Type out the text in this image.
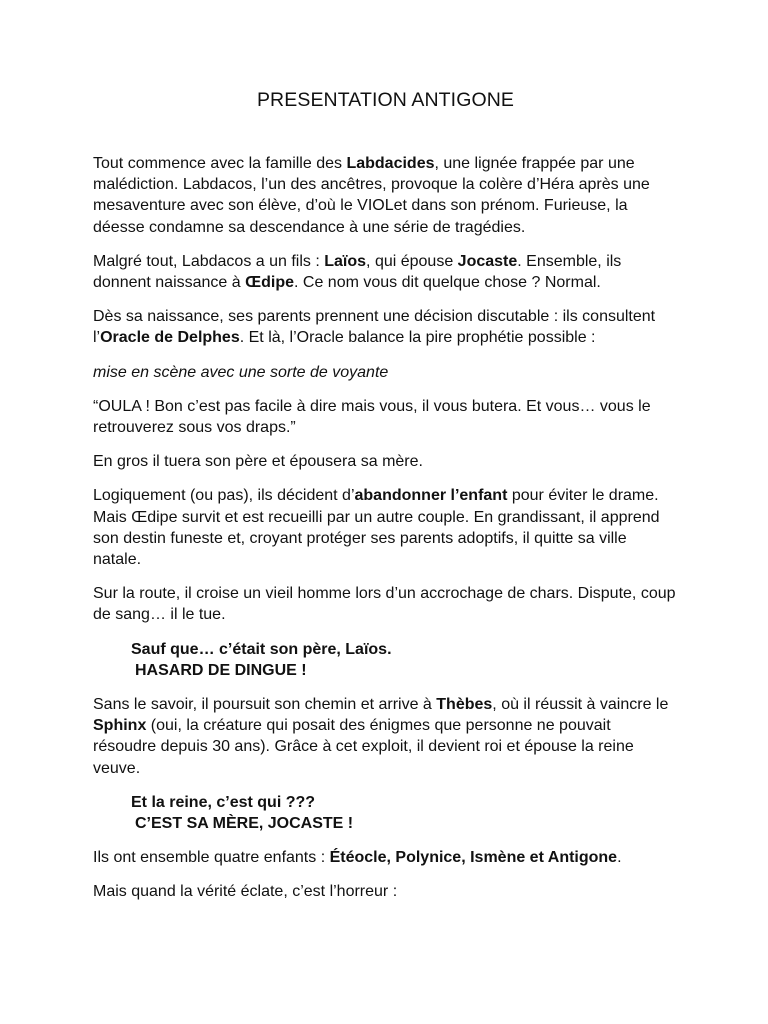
PRESENTATION ANTIGONE

Tout commence avec la famille des Labdacides, une lignée frappée par une malédiction. Labdacos, l’un des ancêtres, provoque la colère d’Héra après une mesaventure avec son élève, d’où le VIOLet dans son prénom. Furieuse, la déesse condamne sa descendance à une série de tragédies.

Malgré tout, Labdacos a un fils : Laïos, qui épouse Jocaste. Ensemble, ils donnent naissance à Œdipe. Ce nom vous dit quelque chose ? Normal.

Dès sa naissance, ses parents prennent une décision discutable : ils consultent l’Oracle de Delphes. Et là, l’Oracle balance la pire prophétie possible :

mise en scène avec une sorte de voyante

“OULA ! Bon c’est pas facile à dire mais vous, il vous butera. Et vous… vous le retrouverez sous vos draps.”

En gros il tuera son père et épousera sa mère.

Logiquement (ou pas), ils décident d’abandonner l’enfant pour éviter le drame. Mais Œdipe survit et est recueilli par un autre couple. En grandissant, il apprend son destin funeste et, croyant protéger ses parents adoptifs, il quitte sa ville natale.

Sur la route, il croise un vieil homme lors d’un accrochage de chars. Dispute, coup de sang… il le tue.

Sauf que… c’était son père, Laïos.
HASARD DE DINGUE !

Sans le savoir, il poursuit son chemin et arrive à Thèbes, où il réussit à vaincre le Sphinx (oui, la créature qui posait des énigmes que personne ne pouvait résoudre depuis 30 ans). Grâce à cet exploit, il devient roi et épouse la reine veuve.

Et la reine, c’est qui ???
C’EST SA MÈRE, JOCASTE !

Ils ont ensemble quatre enfants : Étéocle, Polynice, Ismène et Antigone.

Mais quand la vérité éclate, c’est l’horreur :
